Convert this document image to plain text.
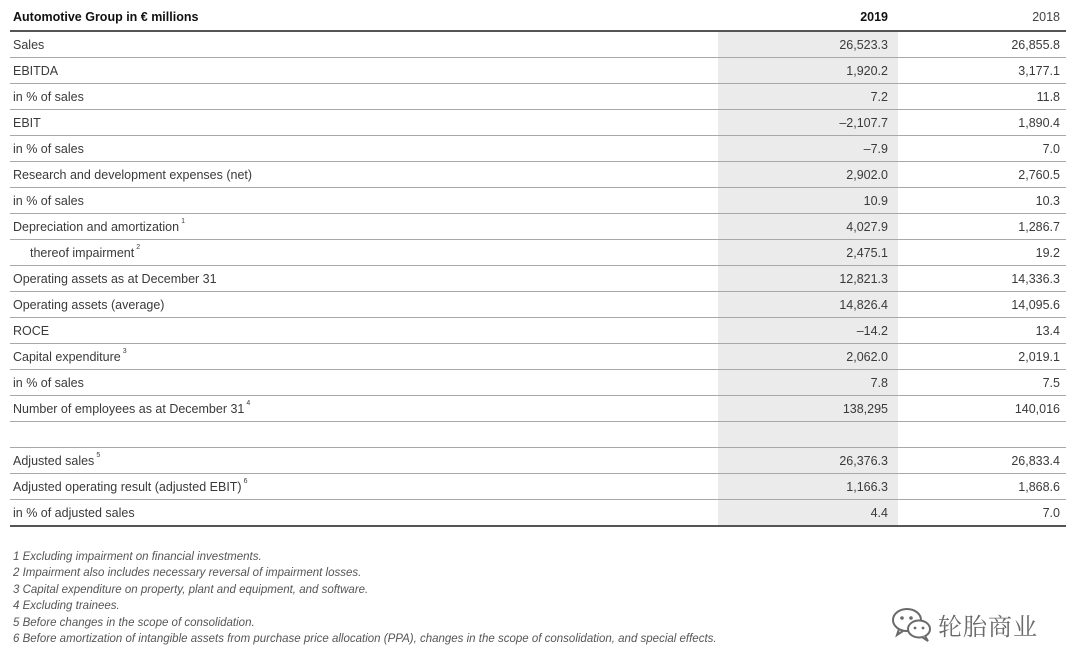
Automotive Group in € millions	2019	2018
Sales	26,523.3	26,855.8
EBITDA	1,920.2	3,177.1
in % of sales	7.2	11.8
EBIT	–2,107.7	1,890.4
in % of sales	–7.9	7.0
Research and development expenses (net)	2,902.0	2,760.5
in % of sales	10.9	10.3
Depreciation and amortization $^1$	4,027.9	1,286.7
thereof impairment $^2$	2,475.1	19.2
Operating assets as at December 31	12,821.3	14,336.3
Operating assets (average)	14,826.4	14,095.6
ROCE	–14.2	13.4
Capital expenditure $^3$	2,062.0	2,019.1
in % of sales	7.8	7.5
Number of employees as at December 31 $^4$	138,295	140,016

Adjusted sales $^5$	26,376.3	26,833.4
Adjusted operating result (adjusted EBIT) $^6$	1,166.3	1,868.6
in % of adjusted sales	4.4	7.0
1 Excluding impairment on financial investments.
2 Impairment also includes necessary reversal of impairment losses.
3 Capital expenditure on property, plant and equipment, and software.
4 Excluding trainees.
5 Before changes in the scope of consolidation.
6 Before amortization of intangible assets from purchase price allocation (PPA), changes in the scope of consolidation, and special effects.	轮胎商业
